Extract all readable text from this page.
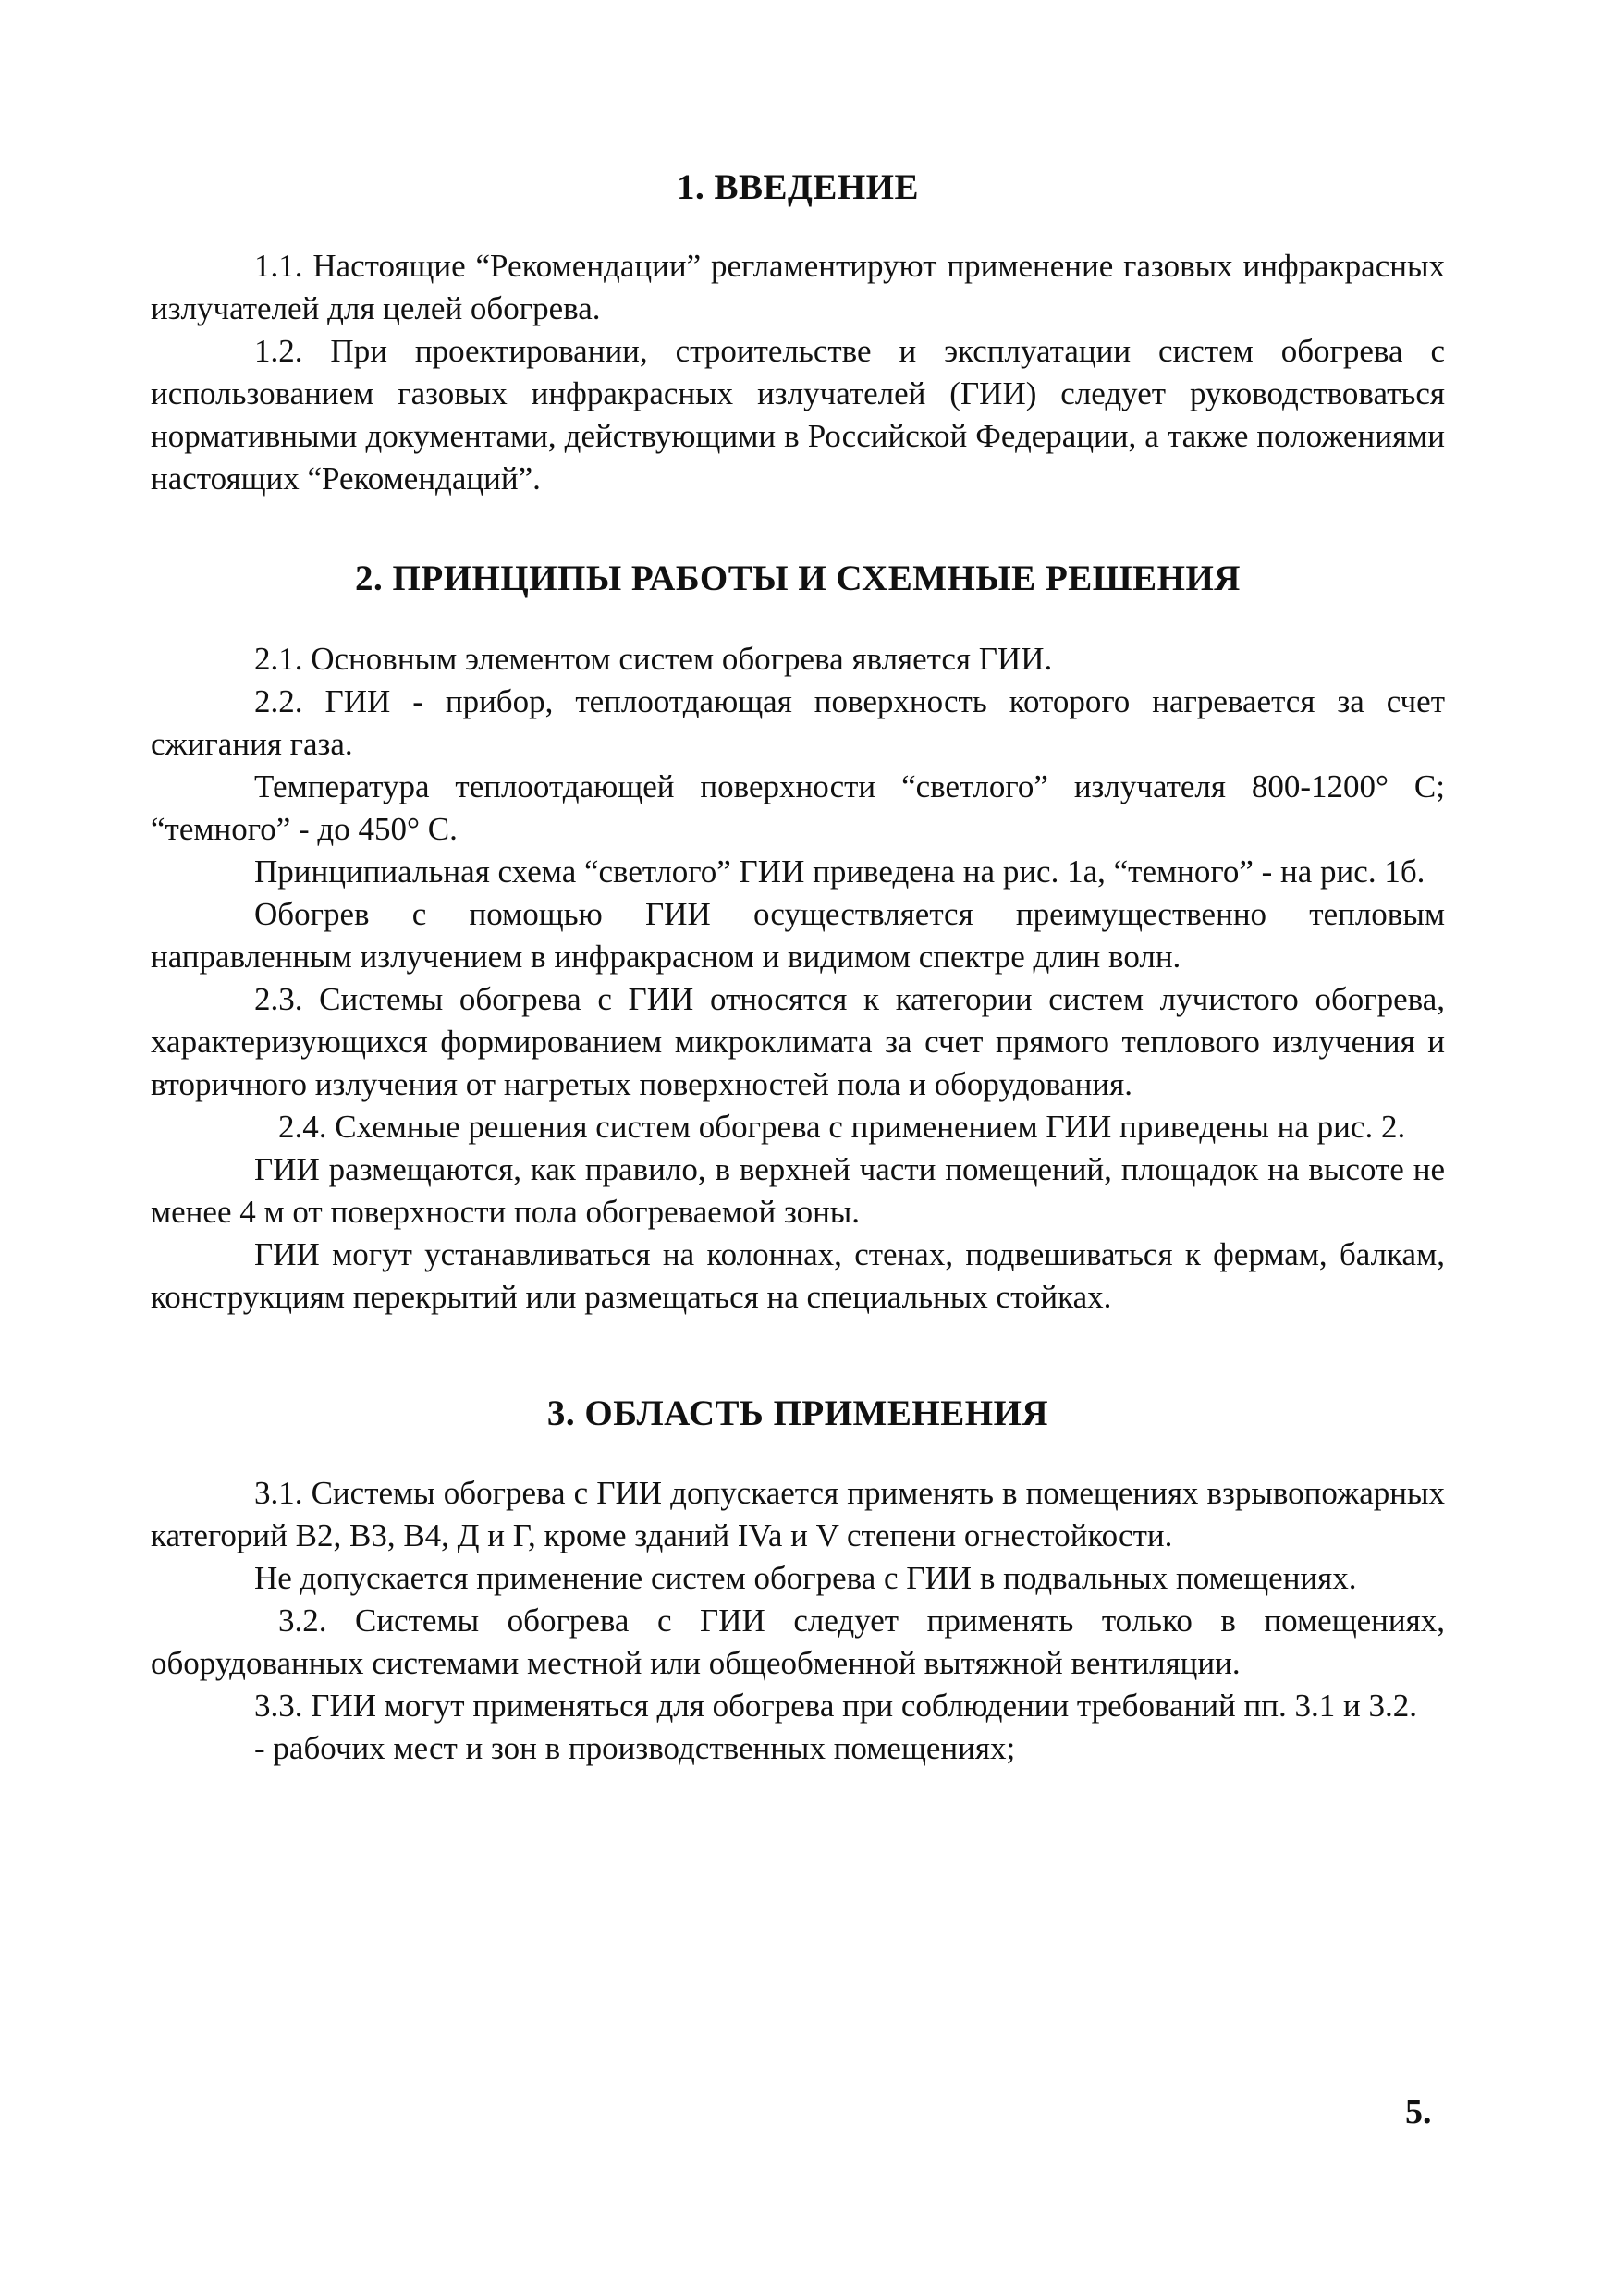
1. ВВЕДЕНИЕ

1.1. Настоящие “Рекомендации” регламентируют применение газовых инфракрасных излучателей для целей обогрева.

1.2. При проектировании, строительстве и эксплуатации систем обогрева с использованием газовых инфракрасных излучателей (ГИИ) следует руководствоваться нормативными документами, действующими в Российской Федерации, а также положениями настоящих “Рекомендаций”.

2. ПРИНЦИПЫ РАБОТЫ И СХЕМНЫЕ РЕШЕНИЯ

2.1. Основным элементом систем обогрева является ГИИ.

2.2. ГИИ - прибор, теплоотдающая поверхность которого нагревается за счет сжигания газа.

Температура теплоотдающей поверхности “светлого” излучателя 800-1200° С; “темного” - до 450° С.

Принципиальная схема “светлого” ГИИ приведена на рис. 1а, “темного” - на рис. 1б.

Обогрев с помощью ГИИ осуществляется преимущественно тепловым направленным излучением в инфракрасном и видимом спектре длин волн.

2.3. Системы обогрева с ГИИ относятся к категории систем лучистого обогрева, характеризующихся формированием микроклимата за счет прямого теплового излучения и вторичного излучения от нагретых поверхностей пола и оборудования.

2.4. Схемные решения систем обогрева с применением ГИИ приведены на рис. 2.

ГИИ размещаются, как правило, в верхней части помещений, площадок на высоте не менее 4 м от поверхности пола обогреваемой зоны.

ГИИ могут устанавливаться на колоннах, стенах, подвешиваться к фермам, балкам, конструкциям перекрытий или размещаться на специальных стойках.

3. ОБЛАСТЬ ПРИМЕНЕНИЯ

3.1. Системы обогрева с ГИИ допускается применять в помещениях взрывопожарных категорий В2, В3, В4, Д и Г, кроме зданий IVa и V степени огнестойкости.

Не допускается применение систем обогрева с ГИИ в подвальных помещениях.

3.2. Системы обогрева с ГИИ следует применять только в помещениях, оборудованных системами местной или общеобменной вытяжной вентиляции.

3.3. ГИИ могут применяться для обогрева при соблюдении требований пп. 3.1 и 3.2.

- рабочих мест и зон в производственных помещениях;

5.
